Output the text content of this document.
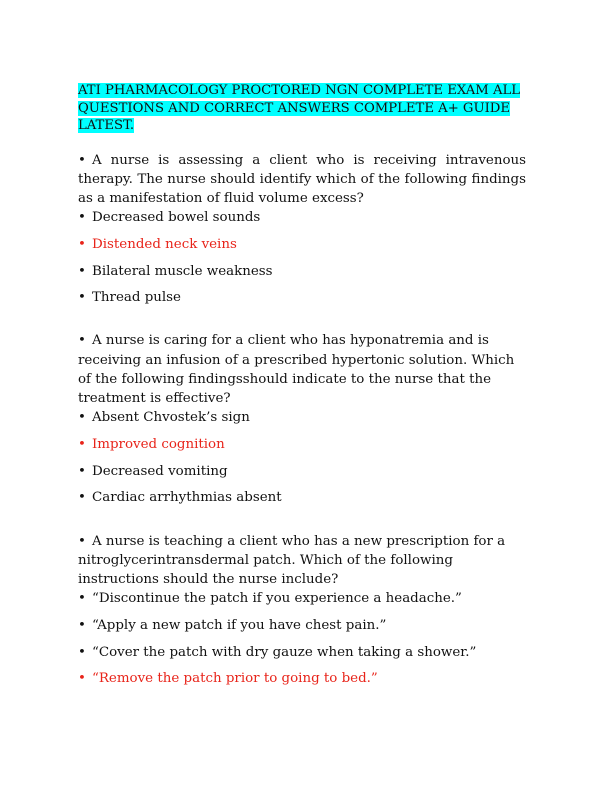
ATI PHARMACOLOGY PROCTORED NGN COMPLETE EXAM ALL QUESTIONS AND CORRECT ANSWERS COMPLETE A+ GUIDE LATEST.

• A nurse is assessing a client who is receiving intravenous therapy. The nurse should identify which of the following findings as a manifestation of fluid volume excess?

• Decreased bowel sounds
• Distended neck veins
• Bilateral muscle weakness
• Thread pulse

• A nurse is caring for a client who has hyponatremia and is receiving an infusion of a prescribed hypertonic solution. Which of the following findingsshould indicate to the nurse that the treatment is effective?

• Absent Chvostek’s sign
• Improved cognition
• Decreased vomiting
• Cardiac arrhythmias absent

• A nurse is teaching a client who has a new prescription for a nitroglycerintransdermal patch. Which of the following instructions should the nurse include?

• “Discontinue the patch if you experience a headache.”
• “Apply a new patch if you have chest pain.”
• “Cover the patch with dry gauze when taking a shower.”
• “Remove the patch prior to going to bed.”
